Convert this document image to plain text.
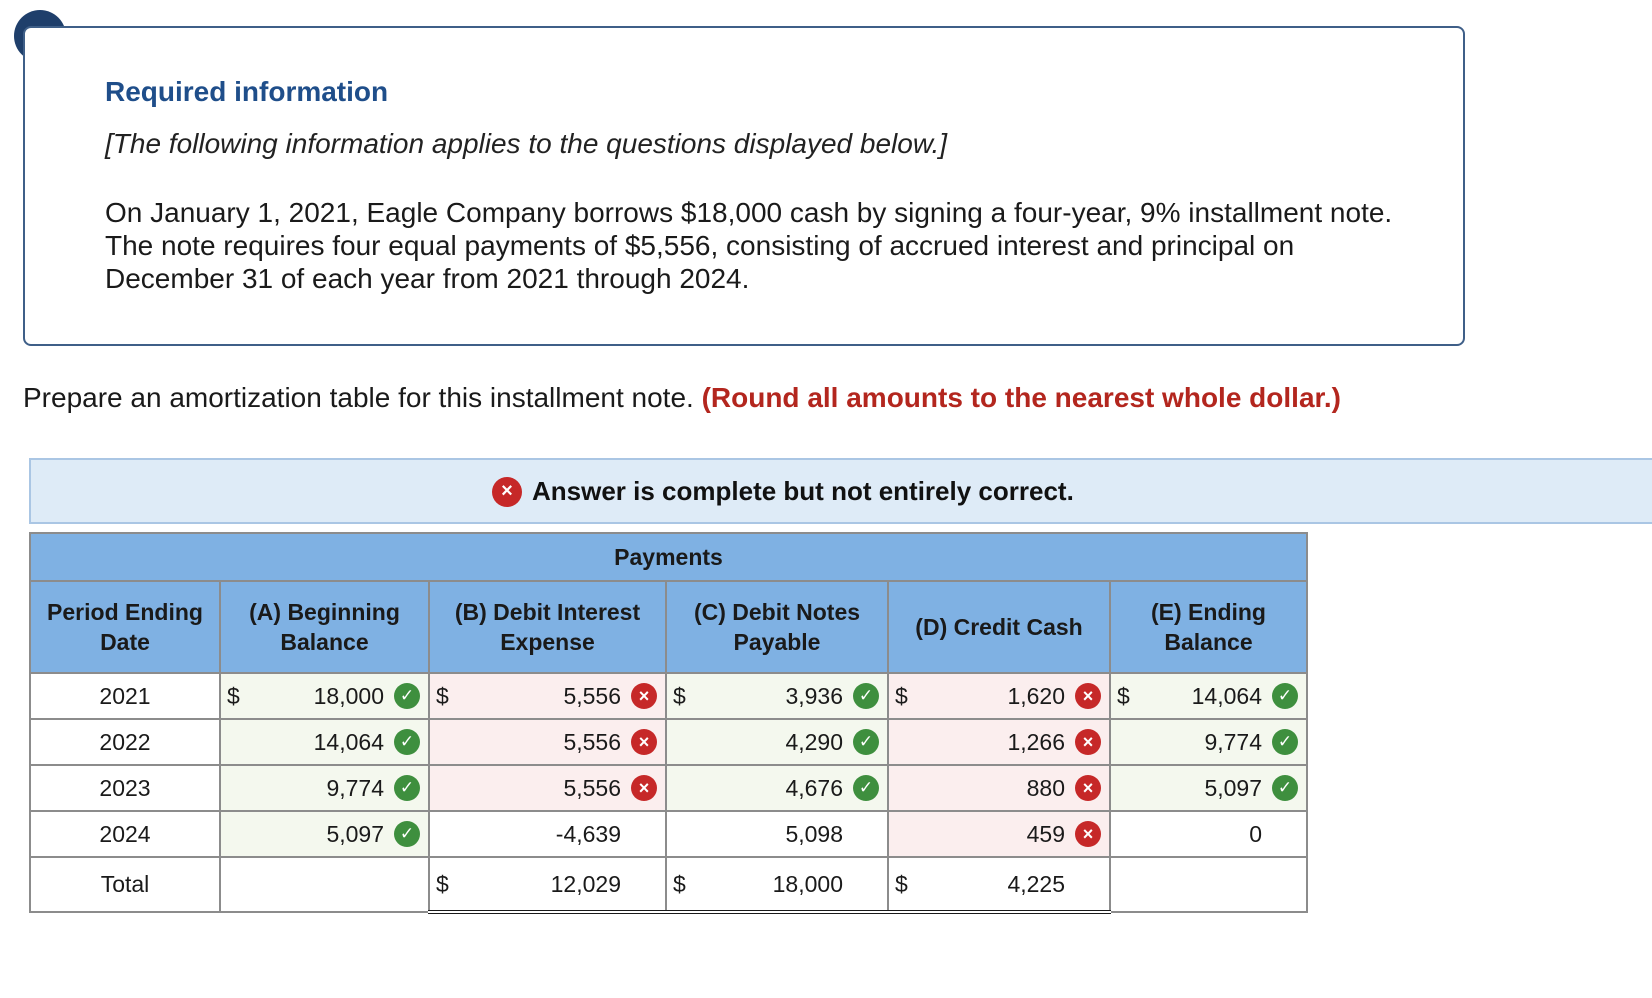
Required information
[The following information applies to the questions displayed below.]
On January 1, 2021, Eagle Company borrows $18,000 cash by signing a four-year, 9% installment note. The note requires four equal payments of $5,556, consisting of accrued interest and principal on December 31 of each year from 2021 through 2024.
Prepare an amortization table for this installment note. (Round all amounts to the nearest whole dollar.)
× Answer is complete but not entirely correct.
Payments					
Period Ending Date	(A) Beginning Balance	(B) Debit Interest Expense	(C) Debit Notes Payable	(D) Credit Cash	(E) Ending Balance
2021	$ 18,000 ✓	$ 5,556 ×	$ 3,936 ✓	$ 1,620 ×	$ 14,064 ✓

2022	14,064 ✓	5,556 ×	4,290 ✓	1,266 ×	9,774 ✓

2023	9,774 ✓	5,556 ×	4,676 ✓	880 ×	5,097 ✓

2024	5,097 ✓	-4,639	5,098	459 ×	0

Total		$ 12,029	$ 18,000	$ 4,225	
